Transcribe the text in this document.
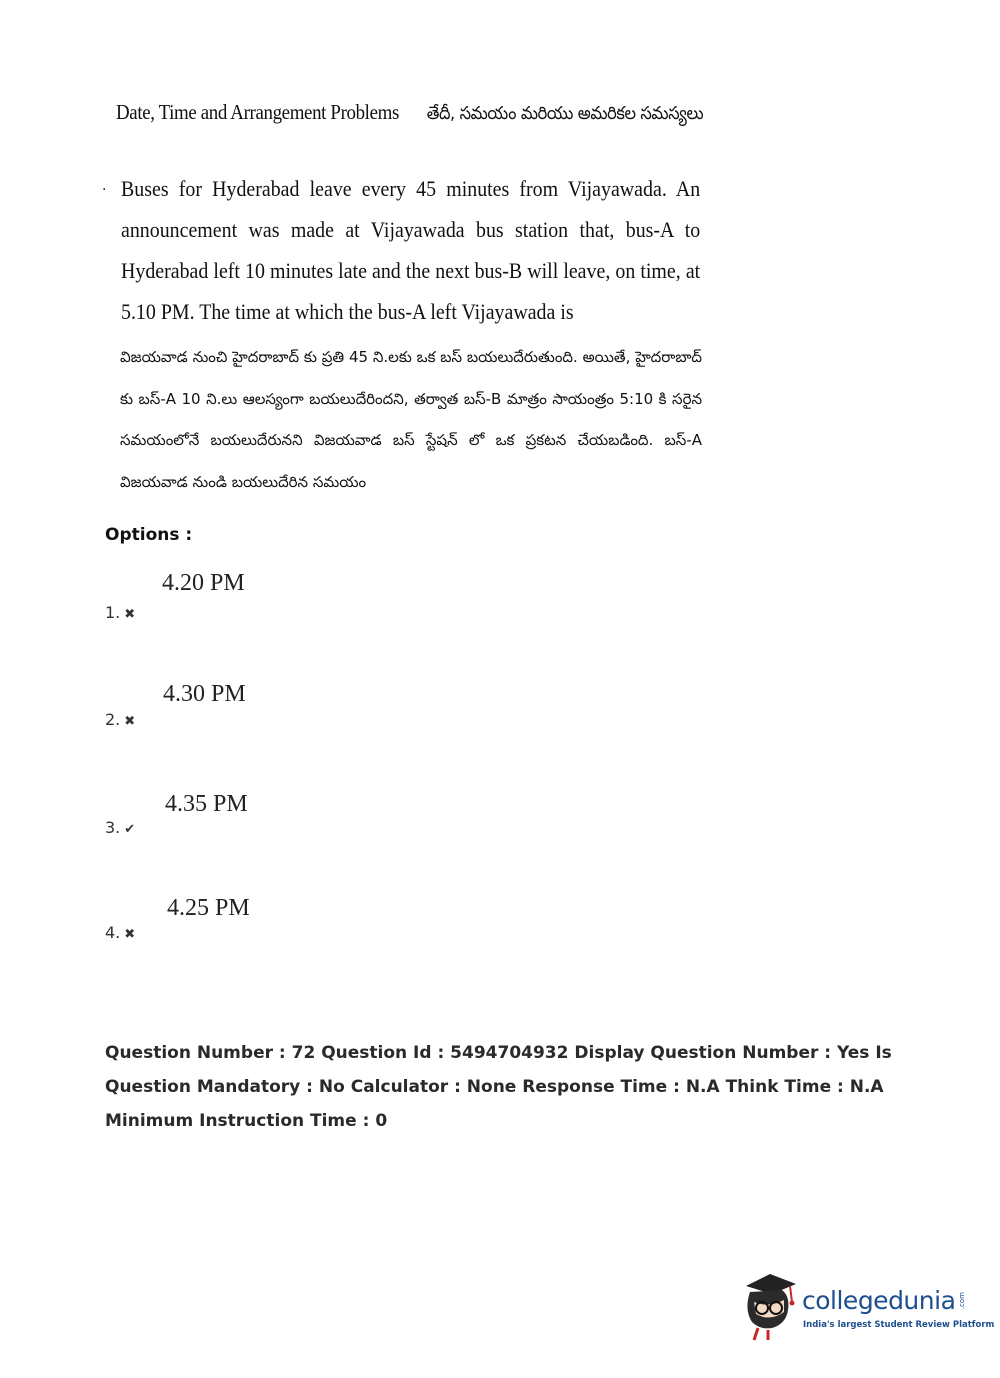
Date, Time and Arrangement Problems తేదీ, సమయం మరియు అమరికల సమస్యలు
. Buses for Hyderabad leave every 45 minutes from Vijayawada. An announcement was made at Vijayawada bus station that, bus-A to Hyderabad left 10 minutes late and the next bus-B will leave, on time, at 5.10 PM. The time at which the bus-A left Vijayawada is
విజయవాడ నుంచి హైదరాబాద్ కు ప్రతి 45 ని.లకు ఒక బస్ బయలుదేరుతుంది. అయితే, హైదరాబాద్ కు బస్-A 10 ని.లు ఆలస్యంగా బయలుదేరిందని, తర్వాత బస్-B మాత్రం సాయంత్రం 5:10 కి సరైన సమయంలోనే బయలుదేరునని విజయవాడ బస్ స్టేషన్ లో ఒక ప్రకటన చేయబడింది. బస్-A విజయవాడ నుండి బయలుదేరిన సమయం
Options :
4.20 PM
1. ✖
4.30 PM
2. ✖
4.35 PM
3. ✔
4.25 PM
4. ✖
Question Number : 72 Question Id : 5494704932 Display Question Number : Yes Is Question Mandatory : No Calculator : None Response Time : N.A Think Time : N.A Minimum Instruction Time : 0
collegedunia .com
India's largest Student Review Platform
